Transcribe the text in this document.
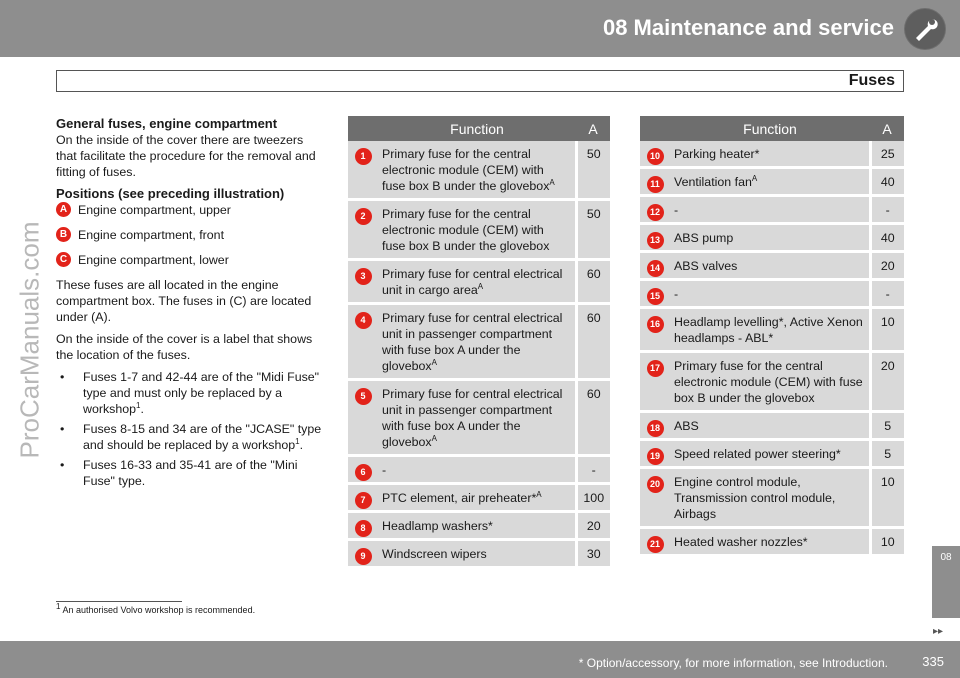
08 Maintenance and service
Fuses
ProCarManuals.com
General fuses, engine compartment

On the inside of the cover there are tweezers that facilitate the procedure for the removal and fitting of fuses.

Positions (see preceding illustration)
A Engine compartment, upper
B Engine compartment, front
C Engine compartment, lower

These fuses are all located in the engine compartment box. The fuses in (C) are located under (A).

On the inside of the cover is a label that shows the location of the fuses.

•	Fuses 1-7 and 42-44 are of the "Midi Fuse" type and must only be replaced by a workshop$^1$.
•	Fuses 8-15 and 34 are of the "JCASE" type and should be replaced by a workshop$^1$.
•	Fuses 16-33 and 35-41 are of the "Mini Fuse" type.
	Function	A
1	Primary fuse for the central electronic module (CEM) with fuse box B under the glovebox$^A$	50
2	Primary fuse for the central electronic module (CEM) with fuse box B under the glovebox	50
3	Primary fuse for central electrical unit in cargo area$^A$	60
4	Primary fuse for central electrical unit in passenger compartment with fuse box A under the glovebox$^A$	60
5	Primary fuse for central electrical unit in passenger compartment with fuse box A under the glovebox$^A$	60
6	-	-
7	PTC element, air preheater*$^A$	100
8	Headlamp washers*	20
9	Windscreen wipers	30
	Function	A
10	Parking heater*	25
11	Ventilation fan$^A$	40
12	-	-
13	ABS pump	40
14	ABS valves	20
15	-	-
16	Headlamp levelling*, Active Xenon headlamps - ABL*	10
17	Primary fuse for the central electronic module (CEM) with fuse box B under the glovebox	20
18	ABS	5
19	Speed related power steering*	5
20	Engine control module, Transmission control module, Airbags	10
21	Heated washer nozzles*	10
08
▸▸
$^1$ An authorised Volvo workshop is recommended.
* Option/accessory, for more information, see Introduction.	335
